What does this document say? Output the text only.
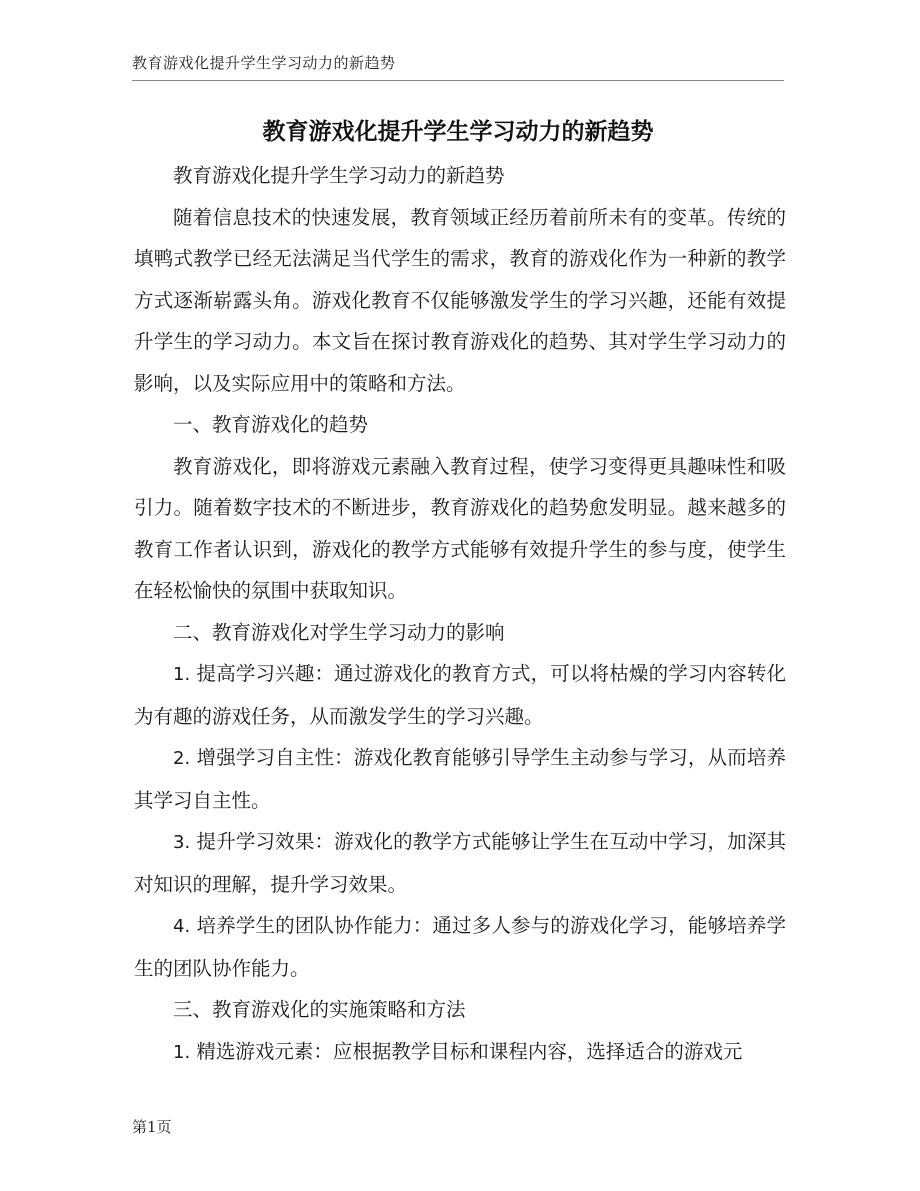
教育游戏化提升学生学习动力的新趋势
教育游戏化提升学生学习动力的新趋势

教育游戏化提升学生学习动力的新趋势

随着信息技术的快速发展，教育领域正经历着前所未有的变革。传统的填鸭式教学已经无法满足当代学生的需求，教育的游戏化作为一种新的教学方式逐渐崭露头角。游戏化教育不仅能够激发学生的学习兴趣，还能有效提升学生的学习动力。本文旨在探讨教育游戏化的趋势、其对学生学习动力的影响，以及实际应用中的策略和方法。

一、教育游戏化的趋势

教育游戏化，即将游戏元素融入教育过程，使学习变得更具趣味性和吸引力。随着数字技术的不断进步，教育游戏化的趋势愈发明显。越来越多的教育工作者认识到，游戏化的教学方式能够有效提升学生的参与度，使学生在轻松愉快的氛围中获取知识。

二、教育游戏化对学生学习动力的影响

1. 提高学习兴趣：通过游戏化的教育方式，可以将枯燥的学习内容转化为有趣的游戏任务，从而激发学生的学习兴趣。

2. 增强学习自主性：游戏化教育能够引导学生主动参与学习，从而培养其学习自主性。

3. 提升学习效果：游戏化的教学方式能够让学生在互动中学习，加深其对知识的理解，提升学习效果。

4. 培养学生的团队协作能力：通过多人参与的游戏化学习，能够培养学生的团队协作能力。

三、教育游戏化的实施策略和方法

1. 精选游戏元素：应根据教学目标和课程内容，选择适合的游戏元

第1页
